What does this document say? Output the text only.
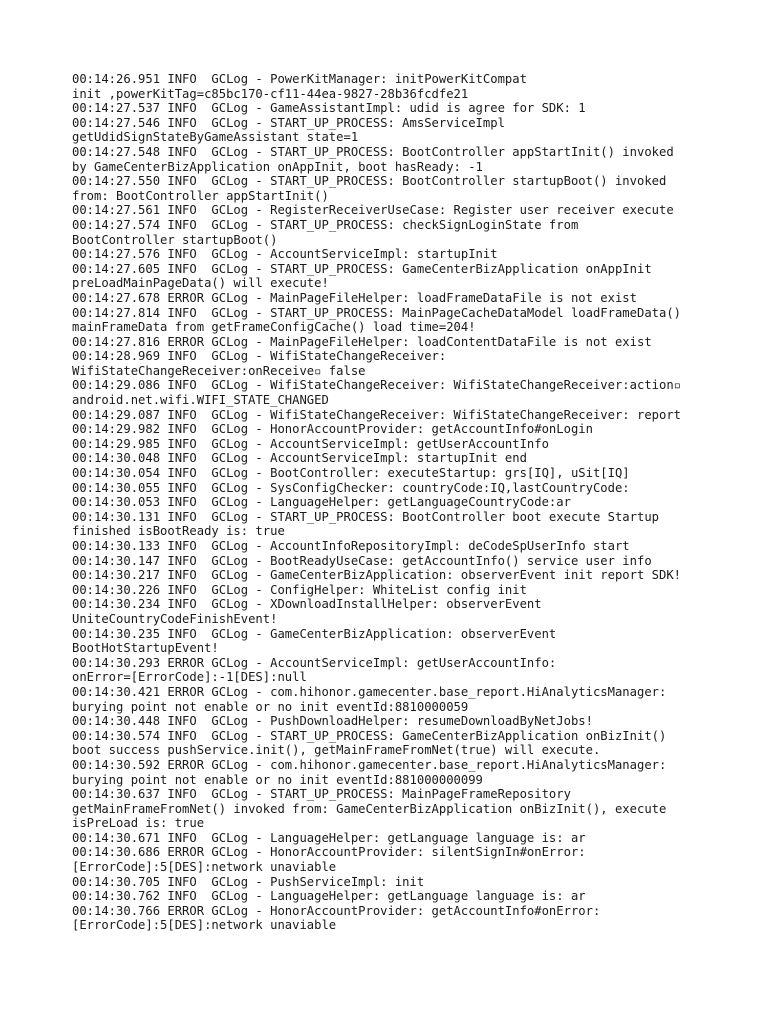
00:14:26.951 INFO  GCLog - PowerKitManager: initPowerKitCompat
init ,powerKitTag=c85bc170-cf11-44ea-9827-28b36fcdfe21
00:14:27.537 INFO  GCLog - GameAssistantImpl: udid is agree for SDK: 1
00:14:27.546 INFO  GCLog - START_UP_PROCESS: AmsServiceImpl
getUdidSignStateByGameAssistant state=1
00:14:27.548 INFO  GCLog - START_UP_PROCESS: BootController appStartInit() invoked
by GameCenterBizApplication onAppInit, boot hasReady: -1
00:14:27.550 INFO  GCLog - START_UP_PROCESS: BootController startupBoot() invoked
from: BootController appStartInit()
00:14:27.561 INFO  GCLog - RegisterReceiverUseCase: Register user receiver execute
00:14:27.574 INFO  GCLog - START_UP_PROCESS: checkSignLoginState from
BootController startupBoot()
00:14:27.576 INFO  GCLog - AccountServiceImpl: startupInit
00:14:27.605 INFO  GCLog - START_UP_PROCESS: GameCenterBizApplication onAppInit
preLoadMainPageData() will execute!
00:14:27.678 ERROR GCLog - MainPageFileHelper: loadFrameDataFile is not exist
00:14:27.814 INFO  GCLog - START_UP_PROCESS: MainPageCacheDataModel loadFrameData()
mainFrameData from getFrameConfigCache() load time=204!
00:14:27.816 ERROR GCLog - MainPageFileHelper: loadContentDataFile is not exist
00:14:28.969 INFO  GCLog - WifiStateChangeReceiver:
WifiStateChangeReceiver:onReceive▫ false
00:14:29.086 INFO  GCLog - WifiStateChangeReceiver: WifiStateChangeReceiver:action▫
android.net.wifi.WIFI_STATE_CHANGED
00:14:29.087 INFO  GCLog - WifiStateChangeReceiver: WifiStateChangeReceiver: report
00:14:29.982 INFO  GCLog - HonorAccountProvider: getAccountInfo#onLogin
00:14:29.985 INFO  GCLog - AccountServiceImpl: getUserAccountInfo
00:14:30.048 INFO  GCLog - AccountServiceImpl: startupInit end
00:14:30.054 INFO  GCLog - BootController: executeStartup: grs[IQ], uSit[IQ]
00:14:30.055 INFO  GCLog - SysConfigChecker: countryCode:IQ,lastCountryCode:
00:14:30.053 INFO  GCLog - LanguageHelper: getLanguageCountryCode:ar
00:14:30.131 INFO  GCLog - START_UP_PROCESS: BootController boot execute Startup
finished isBootReady is: true
00:14:30.133 INFO  GCLog - AccountInfoRepositoryImpl: deCodeSpUserInfo start
00:14:30.147 INFO  GCLog - BootReadyUseCase: getAccountInfo() service user info
00:14:30.217 INFO  GCLog - GameCenterBizApplication: observerEvent init report SDK!
00:14:30.226 INFO  GCLog - ConfigHelper: WhiteList config init
00:14:30.234 INFO  GCLog - XDownloadInstallHelper: observerEvent
UniteCountryCodeFinishEvent!
00:14:30.235 INFO  GCLog - GameCenterBizApplication: observerEvent
BootHotStartupEvent!
00:14:30.293 ERROR GCLog - AccountServiceImpl: getUserAccountInfo:
onError=[ErrorCode]:-1[DES]:null
00:14:30.421 ERROR GCLog - com.hihonor.gamecenter.base_report.HiAnalyticsManager:
burying point not enable or no init eventId:8810000059
00:14:30.448 INFO  GCLog - PushDownloadHelper: resumeDownloadByNetJobs!
00:14:30.574 INFO  GCLog - START_UP_PROCESS: GameCenterBizApplication onBizInit()
boot success pushService.init(), getMainFrameFromNet(true) will execute.
00:14:30.592 ERROR GCLog - com.hihonor.gamecenter.base_report.HiAnalyticsManager:
burying point not enable or no init eventId:881000000099
00:14:30.637 INFO  GCLog - START_UP_PROCESS: MainPageFrameRepository
getMainFrameFromNet() invoked from: GameCenterBizApplication onBizInit(), execute
isPreLoad is: true
00:14:30.671 INFO  GCLog - LanguageHelper: getLanguage language is: ar
00:14:30.686 ERROR GCLog - HonorAccountProvider: silentSignIn#onError:
[ErrorCode]:5[DES]:network unaviable
00:14:30.705 INFO  GCLog - PushServiceImpl: init
00:14:30.762 INFO  GCLog - LanguageHelper: getLanguage language is: ar
00:14:30.766 ERROR GCLog - HonorAccountProvider: getAccountInfo#onError:
[ErrorCode]:5[DES]:network unaviable
